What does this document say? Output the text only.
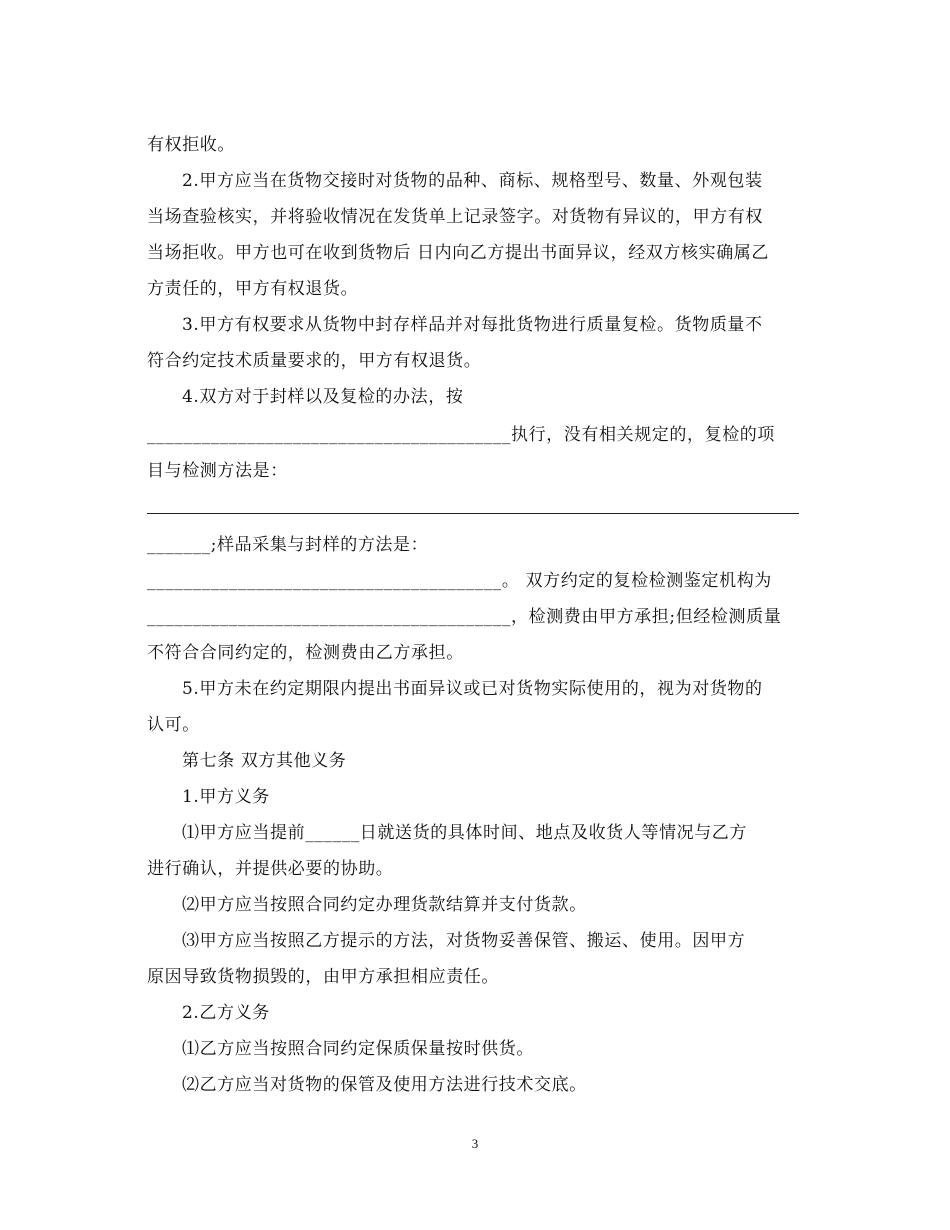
有权拒收。
2.甲方应当在货物交接时对货物的品种、商标、规格型号、数量、外观包装
当场查验核实，并将验收情况在发货单上记录签字。对货物有异议的，甲方有权
当场拒收。甲方也可在收到货物后 日内向乙方提出书面异议，经双方核实确属乙
方责任的，甲方有权退货。
3.甲方有权要求从货物中封存样品并对每批货物进行质量复检。货物质量不
符合约定技术质量要求的，甲方有权退货。
4.双方对于封样以及复检的办法，按
________________________________________执行，没有相关规定的，复检的项
目与检测方法是：
_______;样品采集与封样的方法是：
_______________________________________。 双方约定的复检检测鉴定机构为
________________________________________，检测费由甲方承担;但经检测质量
不符合合同约定的，检测费由乙方承担。
5.甲方未在约定期限内提出书面异议或已对货物实际使用的，视为对货物的
认可。
第七条 双方其他义务
1.甲方义务
⑴甲方应当提前______日就送货的具体时间、地点及收货人等情况与乙方
进行确认，并提供必要的协助。
⑵甲方应当按照合同约定办理货款结算并支付货款。
⑶甲方应当按照乙方提示的方法，对货物妥善保管、搬运、使用。因甲方
原因导致货物损毁的，由甲方承担相应责任。
2.乙方义务
⑴乙方应当按照合同约定保质保量按时供货。
⑵乙方应当对货物的保管及使用方法进行技术交底。
3
